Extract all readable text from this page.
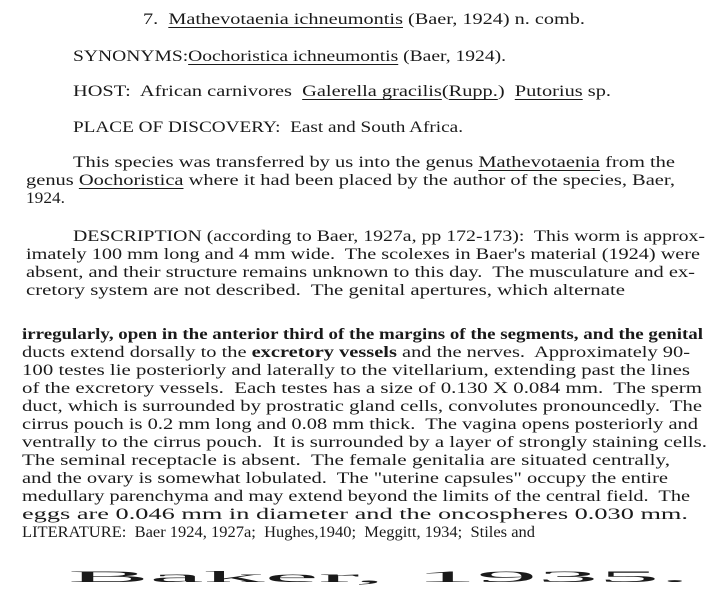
7.  Mathevotaenia ichneumontis (Baer, 1924) n. comb.
SYNONYMS:Oochoristica ichneumontis (Baer, 1924).
HOST:  African carnivores  Galerella gracilis(Rupp.)  Putorius sp.
PLACE OF DISCOVERY:  East and South Africa.
This species was transferred by us into the genus Mathevotaenia from the
genus Oochoristica where it had been placed by the author of the species, Baer,
1924.
DESCRIPTION (according to Baer, 1927a, pp 172-173):  This worm is approx-
imately 100 mm long and 4 mm wide.  The scolexes in Baer's material (1924) were
absent, and their structure remains unknown to this day.  The musculature and ex-
cretory system are not described.  The genital apertures, which alternate
irregularly, open in the anterior third of the margins of the segments, and the genital
ducts extend dorsally to the excretory vessels and the nerves.  Approximately 90-
100 testes lie posteriorly and laterally to the vitellarium, extending past the lines
of the excretory vessels.  Each testes has a size of 0.130 X 0.084 mm.  The sperm
duct, which is surrounded by prostratic gland cells, convolutes pronouncedly.  The
cirrus pouch is 0.2 mm long and 0.08 mm thick.  The vagina opens posteriorly and
ventrally to the cirrus pouch.  It is surrounded by a layer of strongly staining cells.
The seminal receptacle is absent.  The female genitalia are situated centrally,
and the ovary is somewhat lobulated.  The "uterine capsules" occupy the entire
medullary parenchyma and may extend beyond the limits of the central field.  The
eggs are 0.046 mm in diameter and the oncospheres 0.030 mm.
LITERATURE:  Baer 1924, 1927a;  Hughes,1940;  Meggitt, 1934;  Stiles and
Baker, 1935.
